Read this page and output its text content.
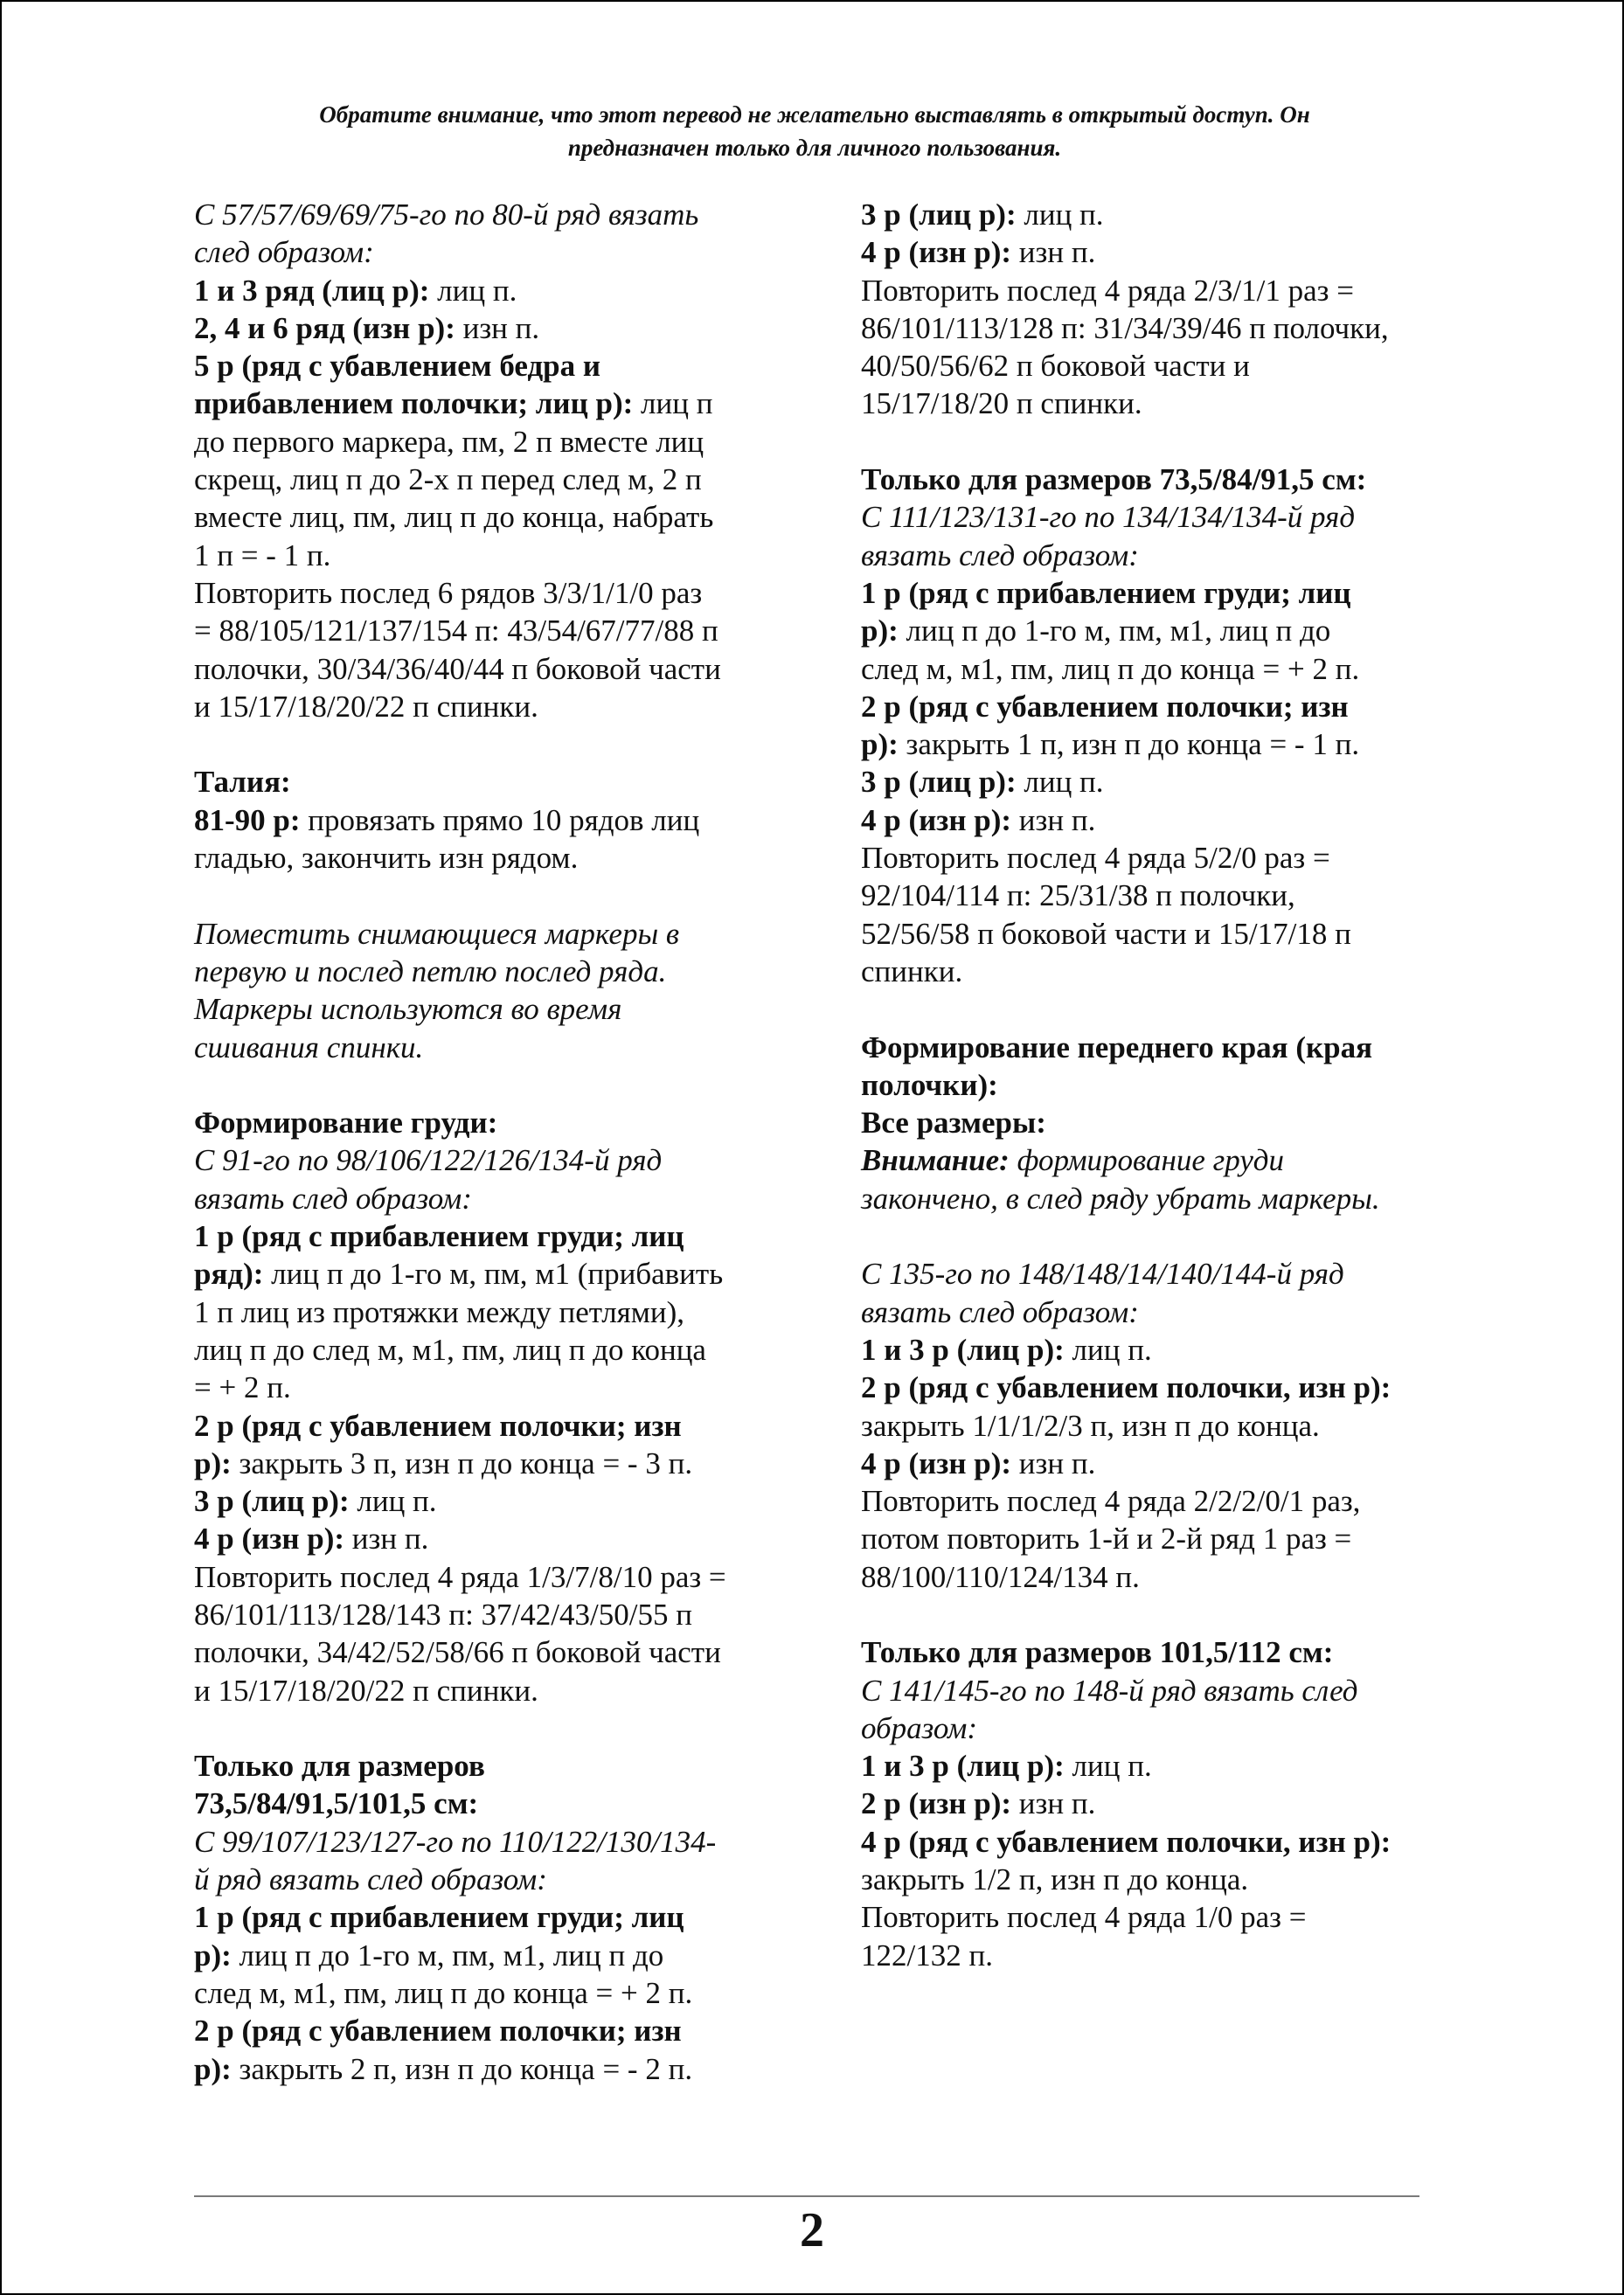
Обратите внимание, что этот перевод не желательно выставлять в открытый доступ. Он
предназначен только для личного пользования.

С 57/57/69/69/75-го по 80-й ряд вязать

след образом:

1 и 3 ряд (лиц р): лиц п.

2, 4 и 6 ряд (изн р): изн п.

5 р (ряд с убавлением бедра и

прибавлением полочки; лиц р): лиц п

до первого маркера, пм, 2 п вместе лиц

скрещ, лиц п до 2-х п перед след м, 2 п

вместе лиц, пм, лиц п до конца, набрать

1 п = - 1 п.

Повторить послед 6 рядов 3/3/1/1/0 раз

= 88/105/121/137/154 п: 43/54/67/77/88 п

полочки, 30/34/36/40/44 п боковой части

и 15/17/18/20/22 п спинки.

Талия:

81-90 р: провязать прямо 10 рядов лиц

гладью, закончить изн рядом.

Поместить снимающиеся маркеры в

первую и послед петлю послед ряда.

Маркеры используются во время

сшивания спинки.

Формирование груди:

С 91-го по 98/106/122/126/134-й ряд

вязать след образом:

1 р (ряд с прибавлением груди; лиц

ряд): лиц п до 1-го м, пм, м1 (прибавить

1 п лиц из протяжки между петлями),

лиц п до след м, м1, пм, лиц п до конца

= + 2 п.

2 р (ряд с убавлением полочки; изн

р): закрыть 3 п, изн п до конца = - 3 п.

3 р (лиц р): лиц п.

4 р (изн р): изн п.

Повторить послед 4 ряда 1/3/7/8/10 раз =

86/101/113/128/143 п: 37/42/43/50/55 п

полочки, 34/42/52/58/66 п боковой части

и 15/17/18/20/22 п спинки.

Только для размеров

73,5/84/91,5/101,5 см:

С 99/107/123/127-го по 110/122/130/134-

й ряд вязать след образом:

1 р (ряд с прибавлением груди; лиц

р): лиц п до 1-го м, пм, м1, лиц п до

след м, м1, пм, лиц п до конца = + 2 п.

2 р (ряд с убавлением полочки; изн

р): закрыть 2 п, изн п до конца = - 2 п.

3 р (лиц р): лиц п.

4 р (изн р): изн п.

Повторить послед 4 ряда 2/3/1/1 раз =

86/101/113/128 п: 31/34/39/46 п полочки,

40/50/56/62 п боковой части и

15/17/18/20 п спинки.

Только для размеров 73,5/84/91,5 см:

С 111/123/131-го по 134/134/134-й ряд

вязать след образом:

1 р (ряд с прибавлением груди; лиц

р): лиц п до 1-го м, пм, м1, лиц п до

след м, м1, пм, лиц п до конца = + 2 п.

2 р (ряд с убавлением полочки; изн

р): закрыть 1 п, изн п до конца = - 1 п.

3 р (лиц р): лиц п.

4 р (изн р): изн п.

Повторить послед 4 ряда 5/2/0 раз =

92/104/114 п: 25/31/38 п полочки,

52/56/58 п боковой части и 15/17/18 п

спинки.

Формирование переднего края (края

полочки):

Все размеры:

Внимание: формирование груди

закончено, в след ряду убрать маркеры.

С 135-го по 148/148/14/140/144-й ряд

вязать след образом:

1 и 3 р (лиц р): лиц п.

2 р (ряд с убавлением полочки, изн р):

закрыть 1/1/1/2/3 п, изн п до конца.

4 р (изн р): изн п.

Повторить послед 4 ряда 2/2/2/0/1 раз,

потом повторить 1-й и 2-й ряд 1 раз =

88/100/110/124/134 п.

Только для размеров 101,5/112 см:

С 141/145-го по 148-й ряд вязать след

образом:

1 и 3 р (лиц р): лиц п.

2 р (изн р): изн п.

4 р (ряд с убавлением полочки, изн р):

закрыть 1/2 п, изн п до конца.

Повторить послед 4 ряда 1/0 раз =

122/132 п.

2
